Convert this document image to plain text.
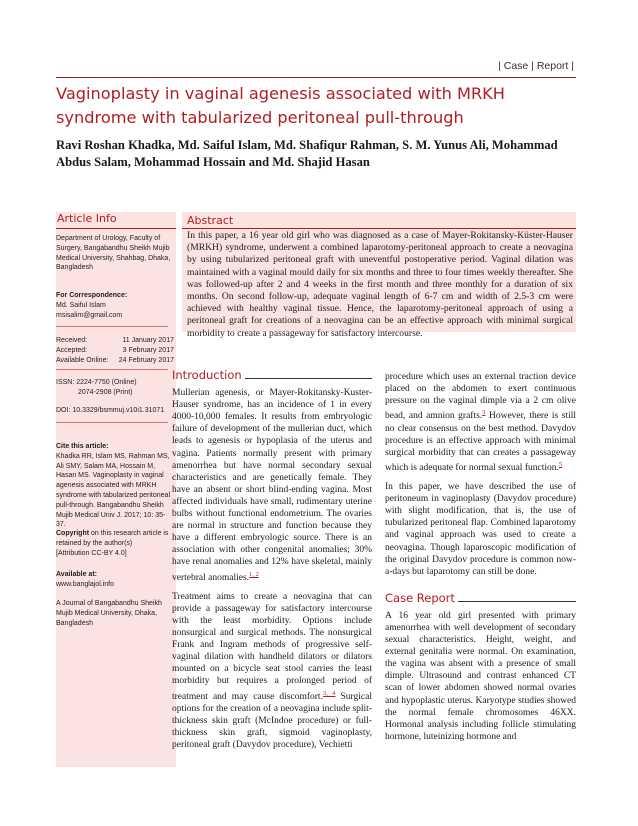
| Case | Report |
Vaginoplasty in vaginal agenesis associated with MRKH syndrome with tabularized peritoneal pull-through
Ravi Roshan Khadka, Md. Saiful Islam, Md. Shafiqur Rahman, S. M. Yunus Ali, Mohammad Abdus Salam, Mohammad Hossain and Md. Shajid Hasan
Article Info
Department of Urology, Faculty of Surgery, Bangabandhu Sheikh Mujib Medical University, Shahbag, Dhaka, Bangladesh
For Correspondence:
Md. Saiful Islam
msisalim@gmail.com
Received:	11 January 2017
Accepted:	3 February 2017
Available Online: 24 February 2017
ISSN: 2224-7750 (Online)
2074-2908 (Print)
DOI: 10.3329/bsmmuj.v10i1.31071
Cite this article:
Khadka RR, Islam MS, Rahman MS, Ali SMY, Salam MA, Hossain M, Hasan MS. Vaginoplasty in vaginal agenesis associated with MRKH syndrome with tabularized peritoneal pull-through. Bangabandhu Sheikh Mujib Medical Univ J. 2017; 10: 35-37.
Copyright on this research article is retained by the author(s)
[Attribution CC-BY 4.0]
Available at:
www.banglajol.info
A Journal of Bangabandhu Sheikh Mujib Medical University, Dhaka, Bangladesh
Abstract
In this paper, a 16 year old girl who was diagnosed as a case of Mayer-Rokitansky-Küster-Hauser (MRKH) syndrome, underwent a combined laparotomy-peritoneal approach to create a neovagina by using tubularized peritoneal graft with uneventful postoperative period. Vaginal dilation was maintained with a vaginal mould daily for six months and three to four times weekly thereafter. She was followed-up after 2 and 4 weeks in the first month and three monthly for a duration of six months. On second follow-up, adequate vaginal length of 6-7 cm and width of 2.5-3 cm were achieved with healthy vaginal tissue. Hence, the laparotomy-peritoneal approach of using a peritoneal graft for creations of a neovagina can be an effective approach with minimal surgical morbidity to create a passageway for satisfactory intercourse.
Introduction

Mullerian agenesis, or Mayer-Rokitansky-Kuster-Hauser syndrome, has an incidence of 1 in every 4000-10,000 females. It results from embryologic failure of development of the mullerian duct, which leads to agenesis or hypoplasia of the uterus and vagina. Patients normally present with primary amenorrhea but have normal secondary sexual characteristics and are genetically female. They have an absent or short blind-ending vagina. Most affected individuals have small, rudimentary uterine bulbs without functional endometrium. The ovaries are normal in structure and function because they have a different embryologic source. There is an association with other congenital anomalies; 30% have renal anomalies and 12% have skeletal, mainly vertebral anomalies.$^{1, 2}$

Treatment aims to create a neovagina that can provide a passageway for satisfactory intercourse with the least morbidity. Options include nonsurgical and surgical methods. The nonsurgical Frank and Ingram methods of progressive self-vaginal dilation with handheld dilators or dilators mounted on a bicycle seat stool carries the least morbidity but requires a prolonged period of treatment and may cause discomfort.$^{3, 4}$ Surgical options for the creation of a neovagina include split-thickness skin graft (McIndoe procedure) or full-thickness skin graft, sigmoid vaginoplasty, peritoneal graft (Davydov procedure), Vechietti

procedure which uses an external traction device placed on the abdomen to exert continuous pressure on the vaginal dimple via a 2 cm olive bead, and amnion grafts.$^3$ However, there is still no clear consensus on the best method. Davydov procedure is an effective approach with minimal surgical morbidity that can creates a passageway which is adequate for normal sexual function.$^5$

In this paper, we have described the use of peritoneum in vaginoplasty (Davydov procedure) with slight modification, that is, the use of tubularized peritoneal flap. Combined laparotomy and vaginal approach was used to create a neovagina. Though laparoscopic modification of the original Davydov procedure is common now-a-days but laparotomy can still be done.

Case Report

A 16 year old girl presented with primary amenorrhea with well development of secondary sexual characteristics. Height, weight, and external genitalia were normal. On examination, the vagina was absent with a presence of small dimple. Ultrasound and contrast enhanced CT scan of lower abdomen showed normal ovaries and hypoplastic uterus. Karyotype studies showed the normal female chromosomes 46XX. Hormonal analysis including follicle stimulating hormone, luteinizing hormone and
